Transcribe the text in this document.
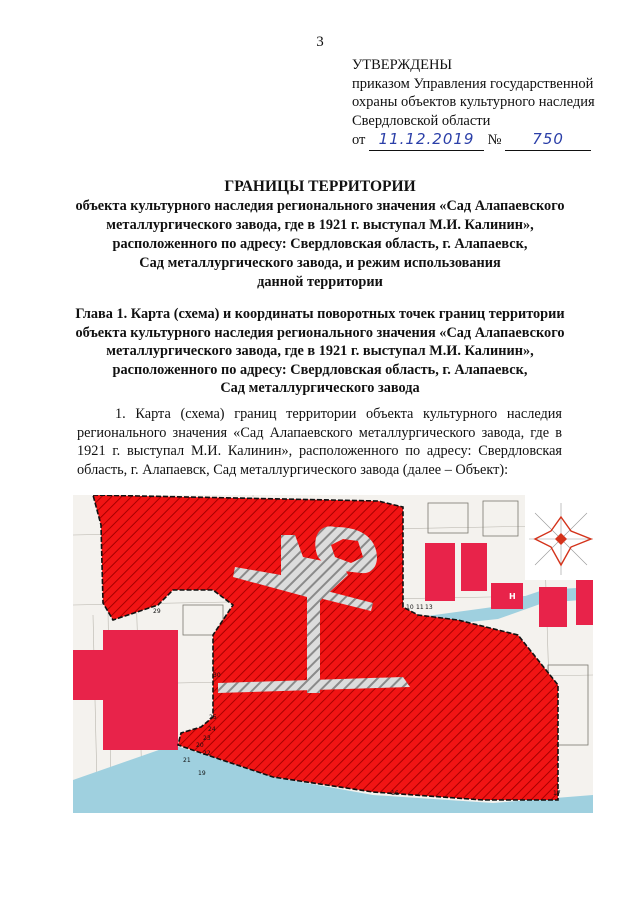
3
УТВЕРЖДЕНЫ
приказом Управления государственной
охраны объектов культурного наследия
Свердловской области
от 11.12.2019 № 750
ГРАНИЦЫ ТЕРРИТОРИИ
объекта культурного наследия регионального значения «Сад Алапаевского
металлургического завода, где в 1921 г. выступал М.И. Калинин»,
расположенного по адресу: Свердловская область, г. Алапаевск,
Сад металлургического завода, и режим использования
данной территории
Глава 1. Карта (схема) и координаты поворотных точек границ территории
объекта культурного наследия регионального значения «Сад Алапаевского
металлургического завода, где в 1921 г. выступал М.И. Калинин»,
расположенного по адресу: Свердловская область, г. Алапаевск,
Сад металлургического завода
1. Карта (схема) границ территории объекта культурного наследия регионального значения «Сад Алапаевского металлургического завода, где в 1921 г. выступал М.И. Калинин», расположенного по адресу: Свердловская область, г. Алапаевск, Сад металлургического завода (далее – Объект):
10 11 13
17
16
19
20
21
22
23
24
25
29
30
Н
